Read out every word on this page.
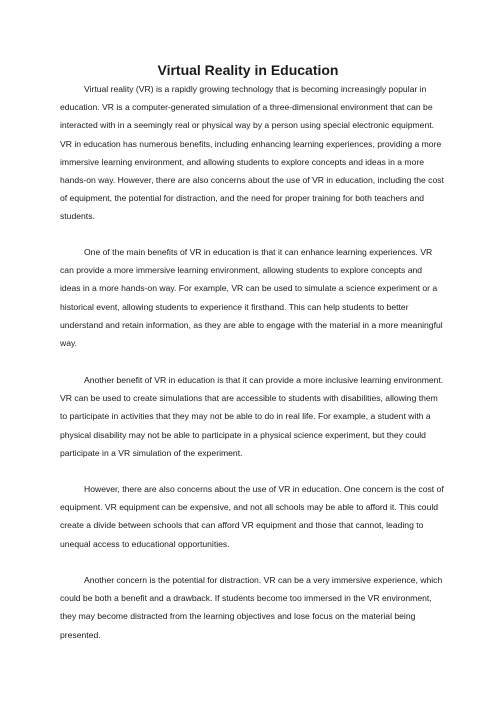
Virtual Reality in Education

Virtual reality (VR) is a rapidly growing technology that is becoming increasingly popular in education. VR is a computer-generated simulation of a three-dimensional environment that can be interacted with in a seemingly real or physical way by a person using special electronic equipment. VR in education has numerous benefits, including enhancing learning experiences, providing a more immersive learning environment, and allowing students to explore concepts and ideas in a more hands-on way. However, there are also concerns about the use of VR in education, including the cost of equipment, the potential for distraction, and the need for proper training for both teachers and students.

One of the main benefits of VR in education is that it can enhance learning experiences. VR can provide a more immersive learning environment, allowing students to explore concepts and ideas in a more hands-on way. For example, VR can be used to simulate a science experiment or a historical event, allowing students to experience it firsthand. This can help students to better understand and retain information, as they are able to engage with the material in a more meaningful way.

Another benefit of VR in education is that it can provide a more inclusive learning environment. VR can be used to create simulations that are accessible to students with disabilities, allowing them to participate in activities that they may not be able to do in real life. For example, a student with a physical disability may not be able to participate in a physical science experiment, but they could participate in a VR simulation of the experiment.

However, there are also concerns about the use of VR in education. One concern is the cost of equipment. VR equipment can be expensive, and not all schools may be able to afford it. This could create a divide between schools that can afford VR equipment and those that cannot, leading to unequal access to educational opportunities.

Another concern is the potential for distraction. VR can be a very immersive experience, which could be both a benefit and a drawback. If students become too immersed in the VR environment, they may become distracted from the learning objectives and lose focus on the material being presented.
